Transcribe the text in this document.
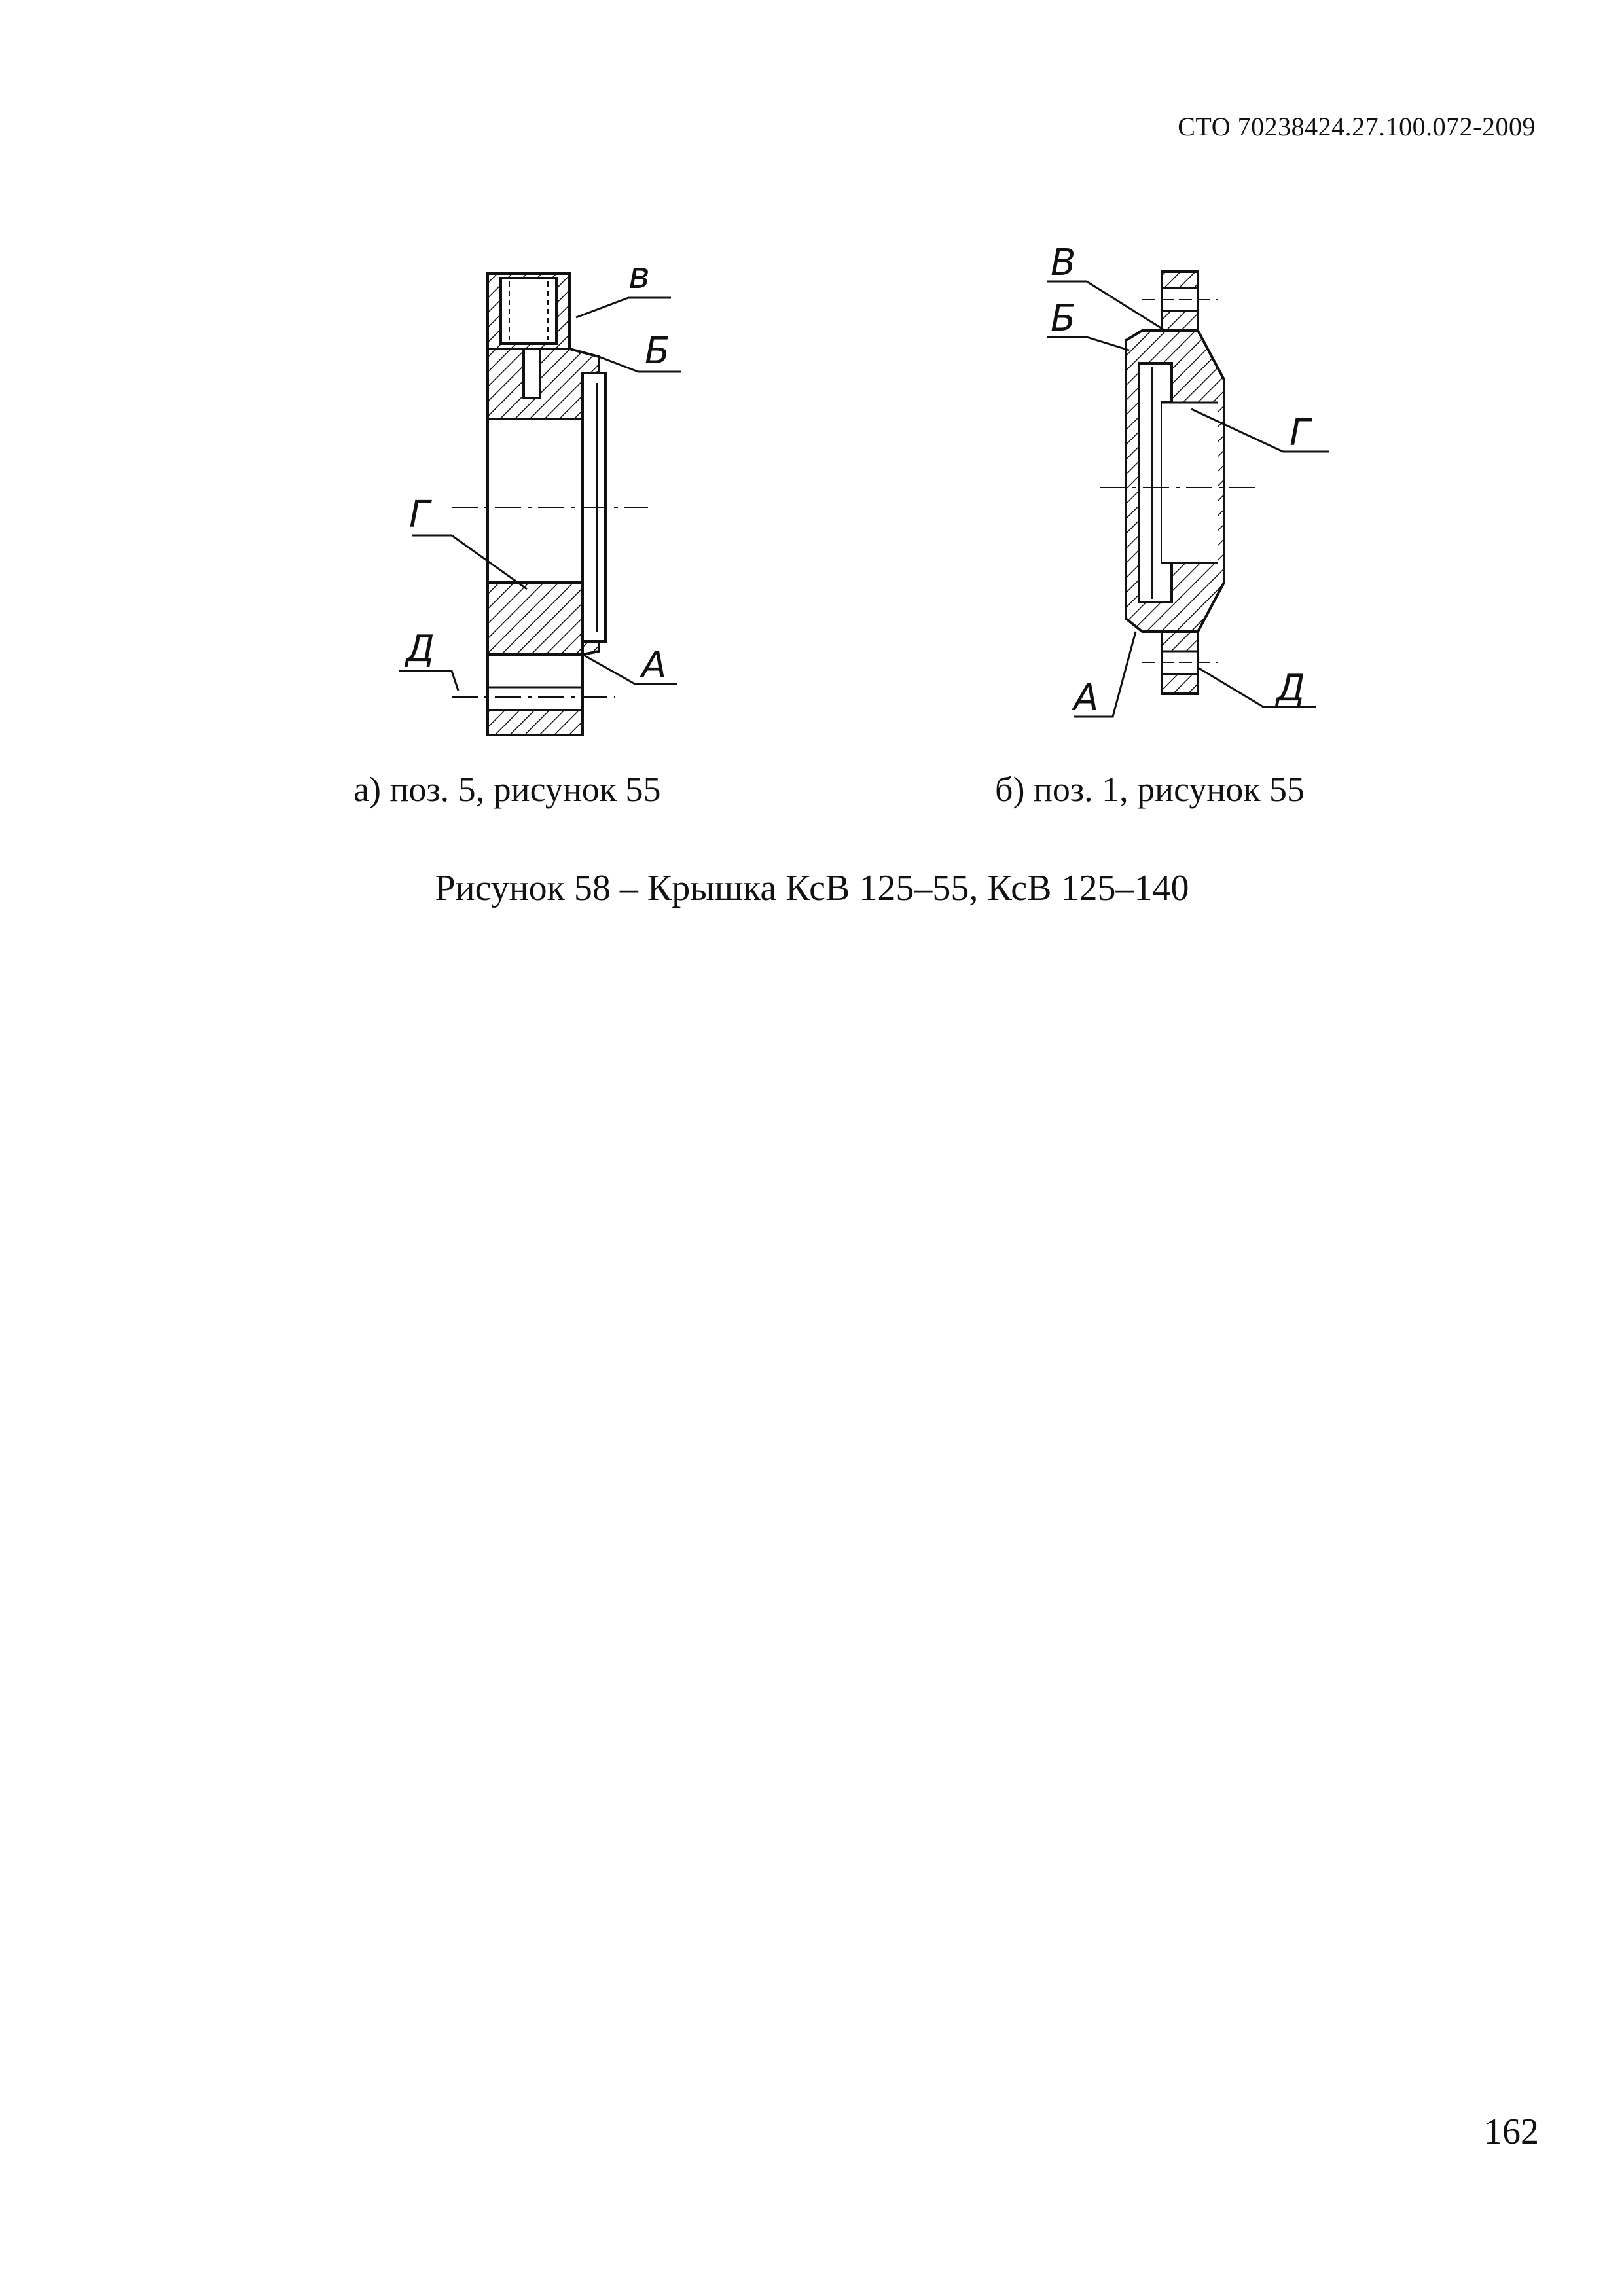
СТО 70238424.27.100.072-2009
в
Б
Г
Д	А
В
Б
Г
А	Д
а) поз. 5, рисунок 55	б) поз. 1, рисунок 55
Рисунок 58 – Крышка КсВ 125–55, КсВ 125–140
162
